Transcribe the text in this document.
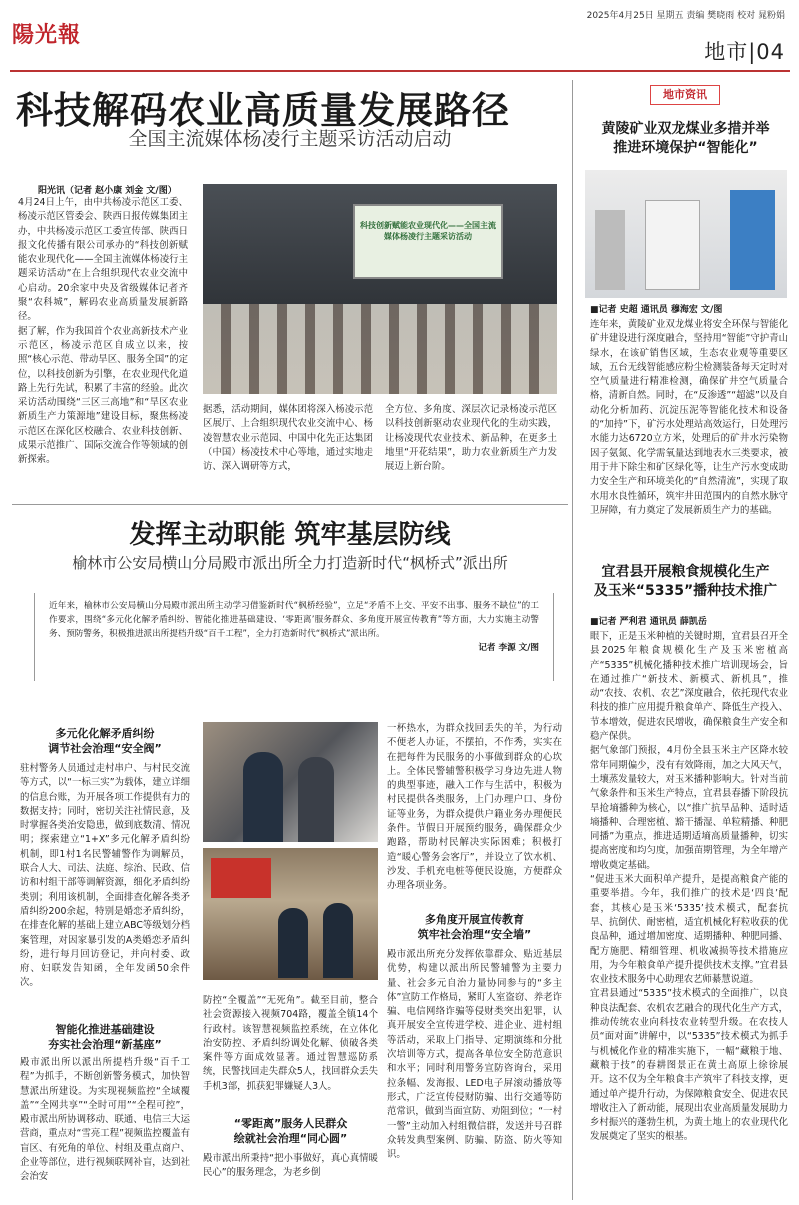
陽光報
2025年4月25日 星期五 责编 樊晓雨 校对 晁粉娟
地市|04
科技解码农业高质量发展路径
全国主流媒体杨凌行主题采访活动启动
阳光讯（记者 赵小康 刘金 文/图）
4月24日上午，由中共杨凌示范区工委、杨凌示范区管委会、陕西日报传媒集团主办，中共杨凌示范区工委宣传部、陕西日报文化传播有限公司承办的“科技创新赋能农业现代化——全国主流媒体杨凌行主题采访活动”在上合组织现代农业交流中心启动。20余家中央及省级媒体记者齐聚“农科城”，解码农业高质量发展新路径。
据了解，作为我国首个农业高新技术产业示范区，杨凌示范区自成立以来，按照“核心示范、带动旱区、服务全国”的定位，以科技创新为引擎，在农业现代化道路上先行先试，积累了丰富的经验。此次采访活动围绕“三区三高地”和“旱区农业新质生产力策源地”建设目标，聚焦杨凌示范区在深化区校融合、农业科技创新、成果示范推广、国际交流合作等领域的创新探索。
科技创新赋能农业现代化——全国主流媒体杨凌行主题采访活动
据悉，活动期间，媒体团将深入杨凌示范区展厅、上合组织现代农业交流中心、杨凌智慧农业示范园、中国中化先正达集团（中国）杨凌技术中心等地，通过实地走访、深入调研等方式，
全方位、多角度、深层次记录杨凌示范区以科技创新驱动农业现代化的生动实践，让杨凌现代农业技术、新品种，在更多土地里“开花结果”，助力农业新质生产力发展迈上新台阶。
发挥主动职能 筑牢基层防线
榆林市公安局横山分局殿市派出所全力打造新时代“枫桥式”派出所
近年来，榆林市公安局横山分局殿市派出所主动学习借鉴新时代“枫桥经验”，立足“矛盾不上交、平安不出事、服务不缺位”的工作要求，围绕“多元化化解矛盾纠纷、智能化推进基础建设、‘零距离’服务群众、多角度开展宣传教育”等方面，大力实施主动警务、预防警务，积极推进派出所提档升级“百千工程”，全力打造新时代“枫桥式”派出所。
记者 李源 文/图
多元化化解矛盾纠纷
调节社会治理“安全阀”
驻村警务人员通过走村串户、与村民交流等方式，以“一标三实”为载体，建立详细的信息台账，为开展各项工作提供有力的数据支持；同时，密切关注社情民意，及时掌握各类治安隐患，做到底数清、情况明；探索建立“1+X”多元化解矛盾纠纷机制，即1村1名民警辅警作为调解员，联合人大、司法、法庭、综治、民政、信访和村组干部等调解资源，细化矛盾纠纷类别；利用该机制，全面排查化解各类矛盾纠纷200余起，特别是婚恋矛盾纠纷，在排查化解的基础上建立ABC等级划分档案管理，对因家暴引发的A类婚恋矛盾纠纷，进行每月回访登记，并向村委、政府、妇联发告知函，全年发函50余件次。
智能化推进基础建设
夯实社会治理“新基座”
殿市派出所以派出所提档升级“百千工程”为抓手，不断创新警务模式，加快智慧派出所建设。为实现视频监控“全域覆盖”“全网共享”“全时可用”“全程可控”，殿市派出所协调移动、联通、电信三大运营商，重点对“雪亮工程”视频监控覆盖有盲区、有死角的单位、村组及重点商户、企业等部位，进行视频联网补盲，达到社会治安
防控“全覆盖”“无死角”。截至目前，整合社会资源接入视频704路，覆盖全镇14个行政村。该智慧视频监控系统，在立体化治安防控、矛盾纠纷调处化解、侦破各类案件等方面成效显著。通过智慧巡防系统，民警找回走失群众5人，找回群众丢失手机3部，抓获犯罪嫌疑人3人。
“零距离”服务人民群众
绘就社会治理“同心圆”
殿市派出所秉持“把小事做好，真心真情暖民心”的服务理念，为老乡倒
一杯热水，为群众找回丢失的羊，为行动不便老人办证，不摆拍，不作秀，实实在在把每件为民服务的小事做到群众的心坎上。全体民警辅警积极学习身边先进人物的典型事迹，融入工作与生活中，积极为村民提供各类服务，上门办理户口、身份证等业务，为群众提供户籍业务办理便民条件。节假日开展预约服务，确保群众少跑路，帮助村民解决实际困难；积极打造“暖心警务会客厅”，并设立了饮水机、沙发、手机充电桩等便民设施，方便群众办理各项业务。
多角度开展宣传教育
筑牢社会治理“安全墙”
殿市派出所充分发挥依靠群众、贴近基层优势，构建以派出所民警辅警为主要力量、社会多元自治力量协同参与的“多主体”宣防工作格局，紧盯人室盗窃、养老诈骗、电信网络诈骗等侵财类突出犯罪，认真开展安全宣传进学校、进企业、进村组等活动，采取上门指导、定期演练和分批次培训等方式，提高各单位安全防范意识和水平；同时利用警务宣防咨询台，采用拉条幅、发海报、LED电子屏滚动播放等形式，广泛宣传侵财防骗、出行交通等防范常识，做到当面宣防、劝阻到位；“一村一警”主动加入村组微信群，发送并号召群众转发典型案例、防骗、防盗、防火等知识。
地市资讯
黄陵矿业双龙煤业多措并举
推进环境保护“智能化”
■记者 史超 通讯员 穆海宏 文/图
连年来，黄陵矿业双龙煤业将安全环保与智能化矿井建设进行深度融合，坚持用“智能”守护青山绿水，在该矿销售区域，生态农业观等重要区域，五台无线智能感应粉尘检测装备每天定时对空气质量进行精准检测，确保矿井空气质量合格，清新自然。同时，在“反渗透”“超滤”以及自动化分析加药、沉淀压泥等智能化技术和设备的“加持”下，矿污水处理站高效运行，日处理污水能力达6720立方米，处理后的矿井水污染物因子氨氮、化学需氧量达到地表水三类要求，被用于井下除尘和矿区绿化等，让生产污水变成助力安全生产和环境美化的“自然清流”，实现了取水用水良性循环，筑牢井田范围内的自然水脉守卫屏障，有力奠定了发展新质生产力的基础。
宜君县开展粮食规模化生产
及玉米“5335”播种技术推广
■记者 严利君 通讯员 薛凯岳
眼下，正是玉米种植的关键时期，宜君县召开全县2025年粮食规模化生产及玉米密植高产“5335”机械化播种技术推广培训现场会，旨在通过推广“新技术、新模式、新机具”，推动“农技、农机、农艺”深度融合，依托现代农业科技的推广应用提升粮食单产、降低生产投入、节本增效，促进农民增收，确保粮食生产安全和稳产保供。
据气象部门预报，4月份全县玉米主产区降水较常年同期偏少，没有有效降雨，加之大风天气，土壤蒸发量较大，对玉米播种影响大。针对当前气象条件和玉米生产特点，宜君县春播下阶段抗旱抢墒播种为核心，以“推广抗旱品种、适时适墒播种、合理密植、豁干播湿、单粒精播、种肥同播”为重点，推进适期适墒高质量播种，切实提高密度和均匀度，加强苗期管理，为全年增产增收奠定基础。
“促进玉米大面积单产提升，是提高粮食产能的重要举措。今年，我们推广的技术是‘四良’配套，其核心是玉米‘5335’技术模式，配套抗旱、抗倒伏、耐密植，适宜机械化籽粒收获的优良品种，通过增加密度、适期播种、种肥同播、配方施肥、精细管理、机收减损等技术措施应用，为今年粮食单产提升提供技术支撑。”宜君县农业技术服务中心助理农艺师綦慧说道。
宜君县通过“5335”技术模式的全面推广，以良种良法配套、农机农艺融合的现代化生产方式，推动传统农业向科技农业转型升级。在农技人员“面对面”讲解中，以“5335”技术模式为抓手与机械化作业的精准实施下，一幅“藏粮于地、藏粮于技”的春耕图景正在黄土高原上徐徐展开。这不仅为全年粮食丰产筑牢了科技支撑，更通过单产提升行动，为保障粮食安全、促进农民增收注入了新动能，展现出农业高质量发展助力乡村振兴的蓬勃生机，为黄土地上的农业现代化发展奠定了坚实的根基。
